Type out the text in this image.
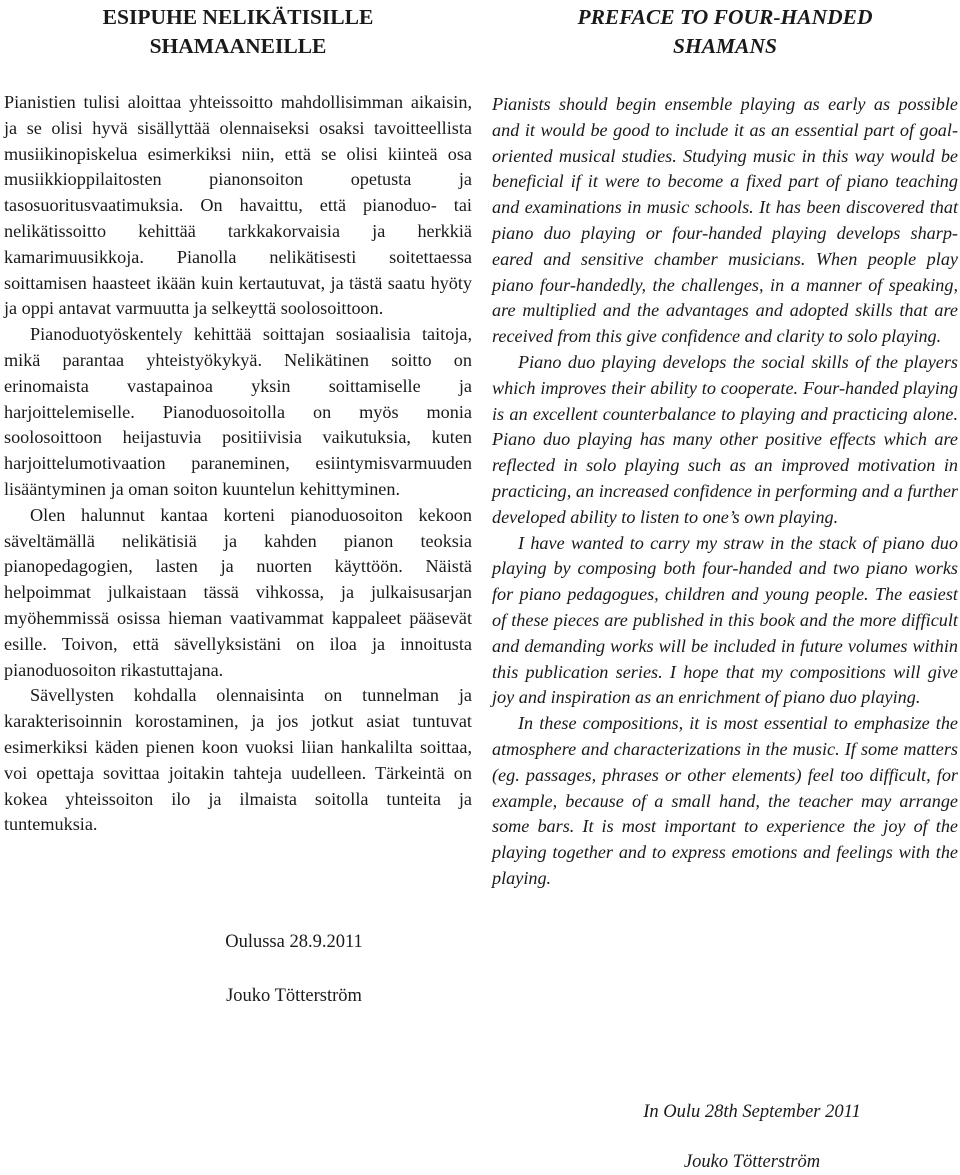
ESIPUHE NELIKÄTISILLE
SHAMAANEILLE

Pianistien tulisi aloittaa yhteissoitto mahdollisimman aikaisin, ja se olisi hyvä sisällyttää olennaiseksi osaksi tavoitteellista musiikinopiskelua esimerkiksi niin, että se olisi kiinteä osa musiikkioppilaitosten pianonsoiton opetusta ja tasosuoritusvaatimuksia. On havaittu, että pianoduo- tai nelikätissoitto kehittää tarkkakorvaisia ja herkkiä kamarimuusikkoja. Pianolla nelikätisesti soitettaessa soittamisen haasteet ikään kuin kertautuvat, ja tästä saatu hyöty ja oppi antavat varmuutta ja selkeyttä soolosoittoon.

Pianoduotyöskentely kehittää soittajan sosiaalisia taitoja, mikä parantaa yhteistyökykyä. Nelikätinen soitto on erinomaista vastapainoa yksin soittamiselle ja harjoittelemiselle. Pianoduosoitolla on myös monia soolosoittoon heijastuvia positiivisia vaikutuksia, kuten harjoittelumotivaation paraneminen, esiintymisvarmuuden lisääntyminen ja oman soiton kuuntelun kehittyminen.

Olen halunnut kantaa korteni pianoduosoiton kekoon säveltämällä nelikätisiä ja kahden pianon teoksia pianopedagogien, lasten ja nuorten käyttöön. Näistä helpoimmat julkaistaan tässä vihkossa, ja julkaisusarjan myöhemmissä osissa hieman vaativammat kappaleet pääsevät esille. Toivon, että sävellyksistäni on iloa ja innoitusta pianoduosoiton rikastuttajana.

Sävellysten kohdalla olennaisinta on tunnelman ja karakterisoinnin korostaminen, ja jos jotkut asiat tuntuvat esimerkiksi käden pienen koon vuoksi liian hankalilta soittaa, voi opettaja sovittaa joitakin tahteja uudelleen. Tärkeintä on kokea yhteissoiton ilo ja ilmaista soitolla tunteita ja tuntemuksia.

Oulussa 28.9.2011
Jouko Tötterström
PREFACE TO FOUR-HANDED
SHAMANS

Pianists should begin ensemble playing as early as possible and it would be good to include it as an essential part of goal-oriented musical studies. Studying music in this way would be beneficial if it were to become a fixed part of piano teaching and examinations in music schools. It has been discovered that piano duo playing or four-handed playing develops sharp-eared and sensitive chamber musicians. When people play piano four-handedly, the challenges, in a manner of speaking, are multiplied and the advantages and adopted skills that are received from this give confidence and clarity to solo playing.

Piano duo playing develops the social skills of the players which improves their ability to cooperate. Four-handed playing is an excellent counterbalance to playing and practicing alone. Piano duo playing has many other positive effects which are reflected in solo playing such as an improved motivation in practicing, an increased confidence in performing and a further developed ability to listen to one’s own playing.

I have wanted to carry my straw in the stack of piano duo playing by composing both four-handed and two piano works for piano pedagogues, children and young people. The easiest of these pieces are published in this book and the more difficult and demanding works will be included in future volumes within this publication series. I hope that my compositions will give joy and inspiration as an enrichment of piano duo playing.

In these compositions, it is most essential to emphasize the atmosphere and characterizations in the music. If some matters (eg. passages, phrases or other elements) feel too difficult, for example, because of a small hand, the teacher may arrange some bars. It is most important to experience the joy of the playing together and to express emotions and feelings with the playing.

In Oulu 28th September 2011
Jouko Tötterström
